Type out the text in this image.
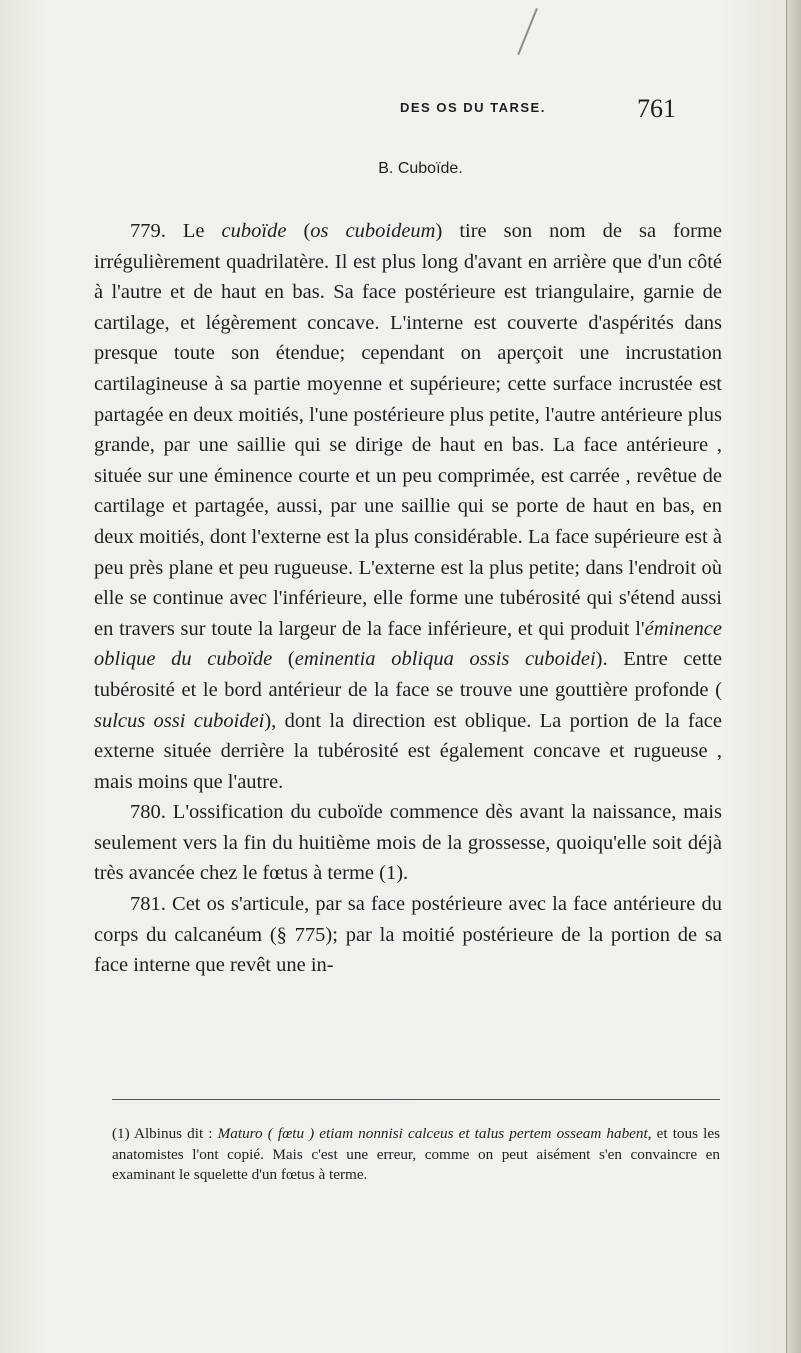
DES OS DU TARSE.	761
B. Cuboïde.

779. Le cuboïde (os cuboideum) tire son nom de sa forme irrégulièrement quadrilatère. Il est plus long d'avant en arrière que d'un côté à l'autre et de haut en bas. Sa face postérieure est triangulaire, garnie de cartilage, et légèrement concave. L'interne est couverte d'aspérités dans presque toute son étendue; cependant on aperçoit une incrustation cartilagineuse à sa partie moyenne et supérieure; cette surface incrustée est partagée en deux moitiés, l'une postérieure plus petite, l'autre antérieure plus grande, par une saillie qui se dirige de haut en bas. La face antérieure , située sur une éminence courte et un peu comprimée, est carrée , revêtue de cartilage et partagée, aussi, par une saillie qui se porte de haut en bas, en deux moitiés, dont l'externe est la plus considérable. La face supérieure est à peu près plane et peu rugueuse. L'externe est la plus petite; dans l'endroit où elle se continue avec l'inférieure, elle forme une tubérosité qui s'étend aussi en travers sur toute la largeur de la face inférieure, et qui produit l'éminence oblique du cuboïde (eminentia obliqua ossis cuboidei). Entre cette tubérosité et le bord antérieur de la face se trouve une gouttière profonde ( sulcus ossi cuboidei), dont la direction est oblique. La portion de la face externe située derrière la tubérosité est également concave et rugueuse , mais moins que l'autre.

780. L'ossification du cuboïde commence dès avant la naissance, mais seulement vers la fin du huitième mois de la grossesse, quoiqu'elle soit déjà très avancée chez le fœtus à terme (1).

781. Cet os s'articule, par sa face postérieure avec la face antérieure du corps du calcanéum (§ 775); par la moitié postérieure de la portion de sa face interne que revêt une in-

(1) Albinus dit : Maturo ( fœtu ) etiam nonnisi calceus et talus pertem osseam habent, et tous les anatomistes l'ont copié. Mais c'est une erreur, comme on peut aisément s'en convaincre en examinant le squelette d'un fœtus à terme.
